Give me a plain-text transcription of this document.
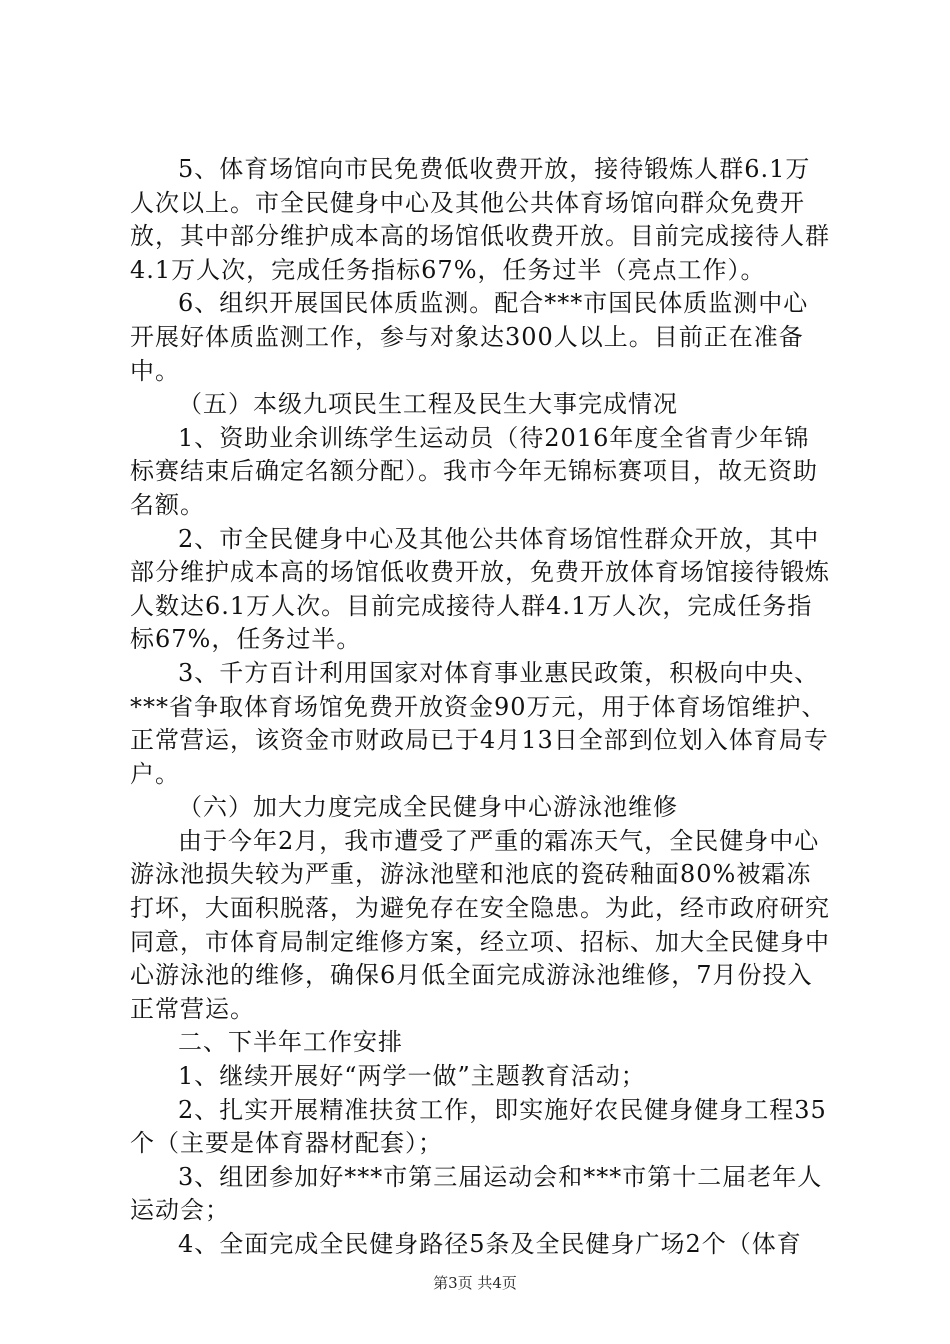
5、体育场馆向市民免费低收费开放，接待锻炼人群6.1万人次以上。市全民健身中心及其他公共体育场馆向群众免费开放，其中部分维护成本高的场馆低收费开放。目前完成接待人群4.1万人次，完成任务指标67%，任务过半（亮点工作）。

6、组织开展国民体质监测。配合***市国民体质监测中心开展好体质监测工作，参与对象达300人以上。目前正在准备中。

（五）本级九项民生工程及民生大事完成情况

1、资助业余训练学生运动员（待2016年度全省青少年锦标赛结束后确定名额分配）。我市今年无锦标赛项目，故无资助名额。

2、市全民健身中心及其他公共体育场馆性群众开放，其中部分维护成本高的场馆低收费开放，免费开放体育场馆接待锻炼人数达6.1万人次。目前完成接待人群4.1万人次，完成任务指标67%，任务过半。

3、千方百计利用国家对体育事业惠民政策，积极向中央、***省争取体育场馆免费开放资金90万元，用于体育场馆维护、正常营运，该资金市财政局已于4月13日全部到位划入体育局专户。

（六）加大力度完成全民健身中心游泳池维修

由于今年2月，我市遭受了严重的霜冻天气，全民健身中心游泳池损失较为严重，游泳池壁和池底的瓷砖釉面80%被霜冻打坏，大面积脱落，为避免存在安全隐患。为此，经市政府研究同意，市体育局制定维修方案，经立项、招标、加大全民健身中心游泳池的维修，确保6月低全面完成游泳池维修，7月份投入正常营运。

二、下半年工作安排

1、继续开展好“两学一做”主题教育活动；

2、扎实开展精准扶贫工作，即实施好农民健身健身工程35个（主要是体育器材配套）；

3、组团参加好***市第三届运动会和***市第十二届老年人运动会；

4、全面完成全民健身路径5条及全民健身广场2个（体育

第3页 共4页
